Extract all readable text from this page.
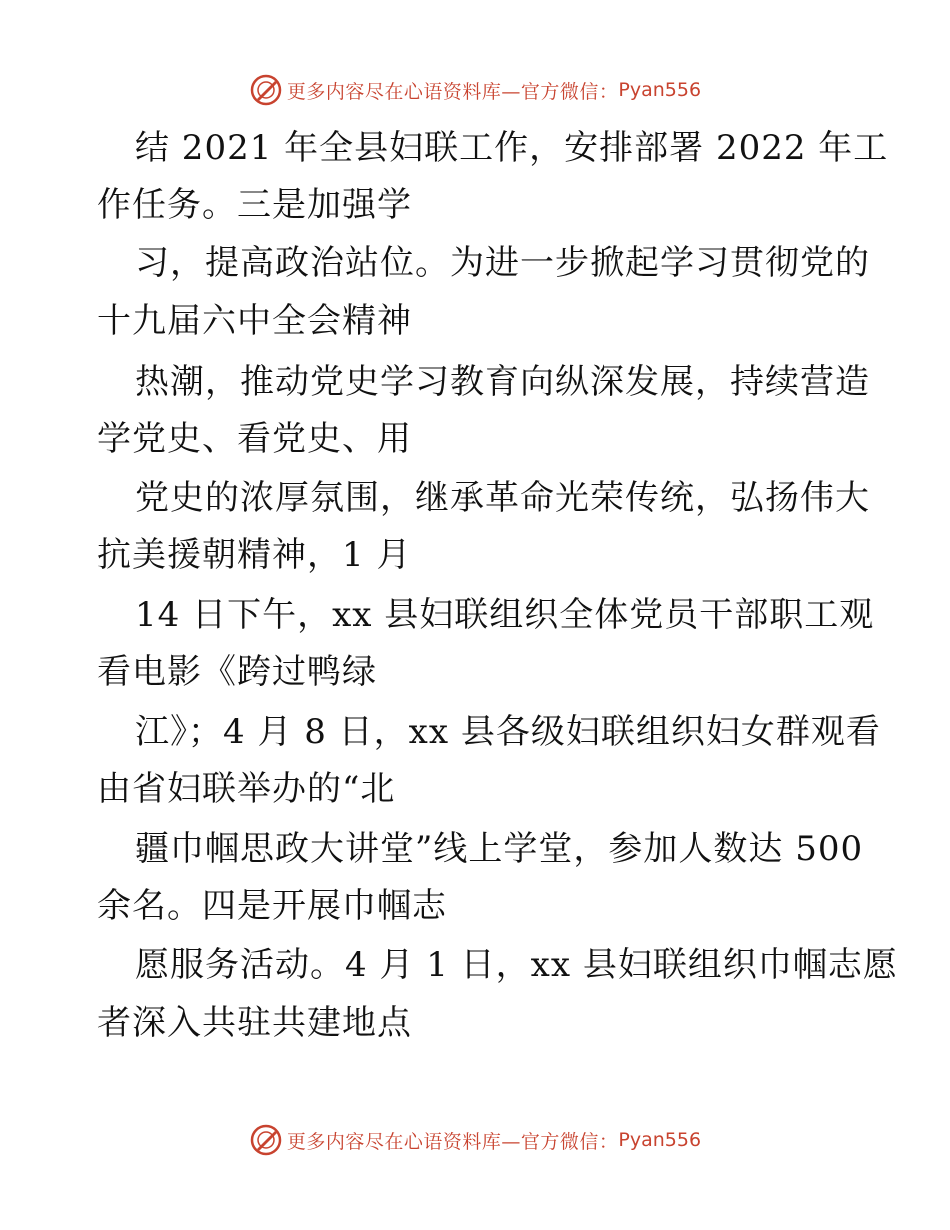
更多内容尽在心语资料库—官方微信： Pyan556
结 2021 年全县妇联工作，安排部署 2022 年工
作任务。三是加强学
习，提高政治站位。为进一步掀起学习贯彻党的
十九届六中全会精神
热潮，推动党史学习教育向纵深发展，持续营造
学党史、看党史、用
党史的浓厚氛围，继承革命光荣传统，弘扬伟大
抗美援朝精神，1 月
14 日下午，xx 县妇联组织全体党员干部职工观
看电影《跨过鸭绿
江》；4 月 8 日，xx 县各级妇联组织妇女群观看
由省妇联举办的“北
疆巾帼思政大讲堂”线上学堂，参加人数达 500
余名。四是开展巾帼志
愿服务活动。4 月 1 日，xx 县妇联组织巾帼志愿
者深入共驻共建地点
更多内容尽在心语资料库—官方微信： Pyan556
